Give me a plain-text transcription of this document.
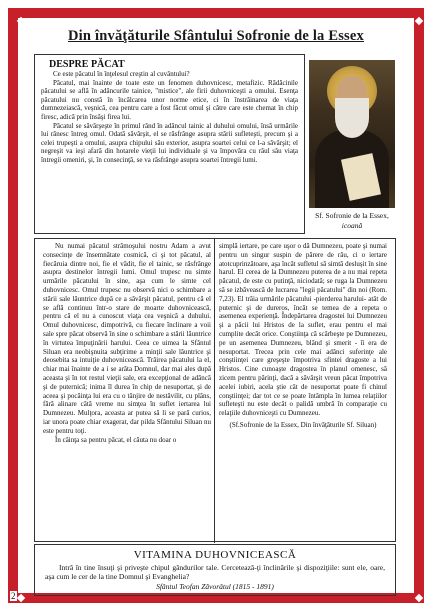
Din învăţăturile Sfântului Sofronie de la Essex
DESPRE PĂCAT

Ce este păcatul în înţelesul creştin al cuvântului?

Păcatul, mai înainte de toate este un fenomen duhovnicesc, metafizic. Rădăcinile păcatului se află în adâncurile tainice, "mistice", ale firii duhovniceşti a omului. Esenţa păcatului nu constă în încălcarea unor norme etice, ci în înstrăinarea de viaţa dumnezeiască, veşnică, cea pentru care a fost făcut omul şi către care este chemat în chip firesc, adică prin însăşi firea lui.

Păcatul se săvârşeşte în primul rând în adâncul tainic al duhului omului, însă urmările lui rănesc întreg omul. Odată săvârşit, el se răsfrânge asupra stării sufleteşti, precum şi a celei trupeşti a omului, asupra chipului său exterior, asupra soartei celui ce l-a săvârşit; el negreşit va ieşi afară din hotarele vieţii lui individuale şi va împovăra cu răul său viaţa întregii omeniri, şi, în consecinţă, se va răsfrânge asupra soartei întregii lumi.

Sf. Sofronie de la Essex,
icoană

Nu numai păcatul strămoşului nostru Adam a avut consecinţe de însemnătate cosmică, ci şi tot păcatul, al fiecăruia dintre noi, fie el vădit, fie el tainic, se răsfrânge asupra destinelor întregii lumi. Omul trupesc nu simte urmările păcatului în sine, aşa cum le simte cel duhovnicesc. Omul trupesc nu observă nici o schimbare a stării sale lăuntrice după ce a săvârşit păcatul, pentru că el se află continuu într-o stare de moarte duhovnicească, pentru că el nu a cunoscut viaţa cea veşnică a duhului. Omul duhovnicesc, dimpotrivă, cu fiecare înclinare a voii sale spre păcat observă în sine o schimbare a stării lăuntrice în virtutea împuţinării harului. Ceea ce uimea la Sfântul Siluan era neobişnuita subţirime a minţii sale lăuntrice şi deosebita sa intuiţie duhovnicească. Trăirea păcatului la el, chiar mai înainte de a i se arăta Domnul, dar mai ales după aceasta şi în tot restul vieţii sale, era excepţional de adâncă şi de puternică; inima îl durea în chip de nesuportat, şi de aceea şi pocăinţa lui era cu o tânjire de nestăvilit, cu plâns, fără alinare câtă vreme nu simţea în suflet iertarea lui Dumnezeu. Mulţora, aceasta ar putea să li se pară curios, iar unora poate chiar exagerat, dar pilda Sfântului Siluan nu este pentru toţi.

În câinţa sa pentru păcat, el căuta nu doar o

simplă iertare, pe care uşor o dă Dumnezeu, poate şi numai pentru un singur suspin de părere de rău, ci o iertare atotcuprinzătoare, aşa încât sufletul să simtă deslușit în sine harul. El cerea de la Dumnezeu puterea de a nu mai repeta păcatul, de este cu putinţă, niciodată; se ruga la Dumnezeu să se izbăvească de lucrarea "legii păcatului" din noi (Rom. 7,23). El trăia urmările păcatului -pierderea harului- atât de puternic şi de dureros, încât se temea de a repeta o asemenea experienţă. Îndepărtarea dragostei lui Dumnezeu şi a păcii lui Hristos de la suflet, erau pentru el mai cumplite decât orice. Conştiinţa că scârbeşte pe Dumnezeu, pe un asemenea Dumnezeu, blând şi smerit - îi era de nesuportat. Trecea prin cele mai adânci suferinţe ale conştiinţei care greşeşte împotriva sfintei dragoste a lui Hristos. Cine cunoaşte dragostea în planul omenesc, să zicem pentru părinţi, dacă a săvârşit vreun păcat împotriva acelei iubiri, acela ştie cât de nesuportat poate fi chinul conştiinţei; dar tot ce se poate întâmpla în lumea relaţiilor sufleteşti nu este decât o palidă umbră în comparaţie cu relaţiile duhovniceşti cu Dumnezeu.

(Sf.Sofronie de la Essex, Din învăţăturile Sf. Siluan)

VITAMINA DUHOVNICEASCĂ

Intră în tine însuţi şi priveşte chipul gândurilor tale. Cercetează-ţi înclinările şi dispoziţiile: sunt ele, oare, aşa cum le cer de la tine Domnul şi Evanghelia?

Sfântul Teofan Zăvorâtul (1815 - 1891)

2
